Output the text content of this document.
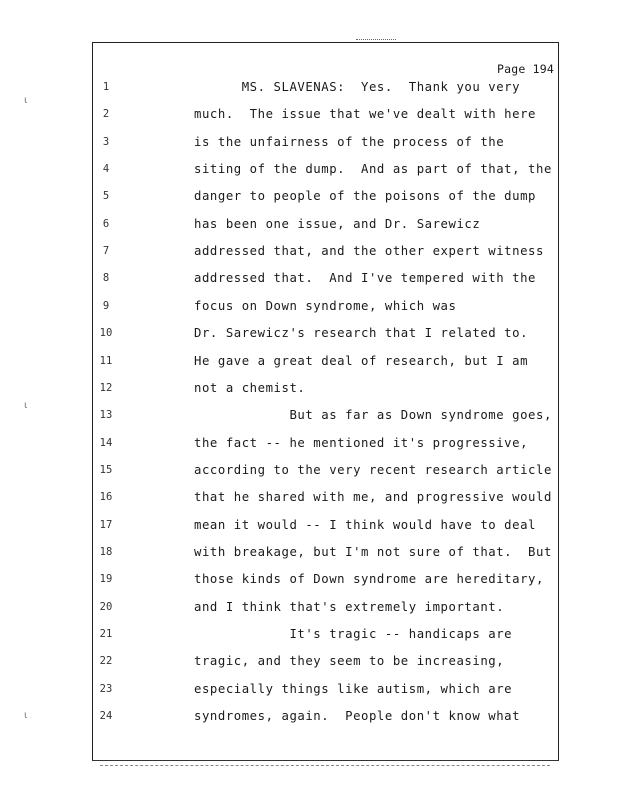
ɩ
ɩ
ɩ
Page 194
1	MS. SLAVENAS:  Yes.  Thank you very
2	much.  The issue that we've dealt with here
3	is the unfairness of the process of the
4	siting of the dump.  And as part of that, the
5	danger to people of the poisons of the dump
6	has been one issue, and Dr. Sarewicz
7	addressed that, and the other expert witness
8	addressed that.  And I've tempered with the
9	focus on Down syndrome, which was
10	Dr. Sarewicz's research that I related to.
11	He gave a great deal of research, but I am
12	not a chemist.
13	But as far as Down syndrome goes,
14	the fact -- he mentioned it's progressive,
15	according to the very recent research article
16	that he shared with me, and progressive would
17	mean it would -- I think would have to deal
18	with breakage, but I'm not sure of that.  But
19	those kinds of Down syndrome are hereditary,
20	and I think that's extremely important.
21	It's tragic -- handicaps are
22	tragic, and they seem to be increasing,
23	especially things like autism, which are
24	syndromes, again.  People don't know what
